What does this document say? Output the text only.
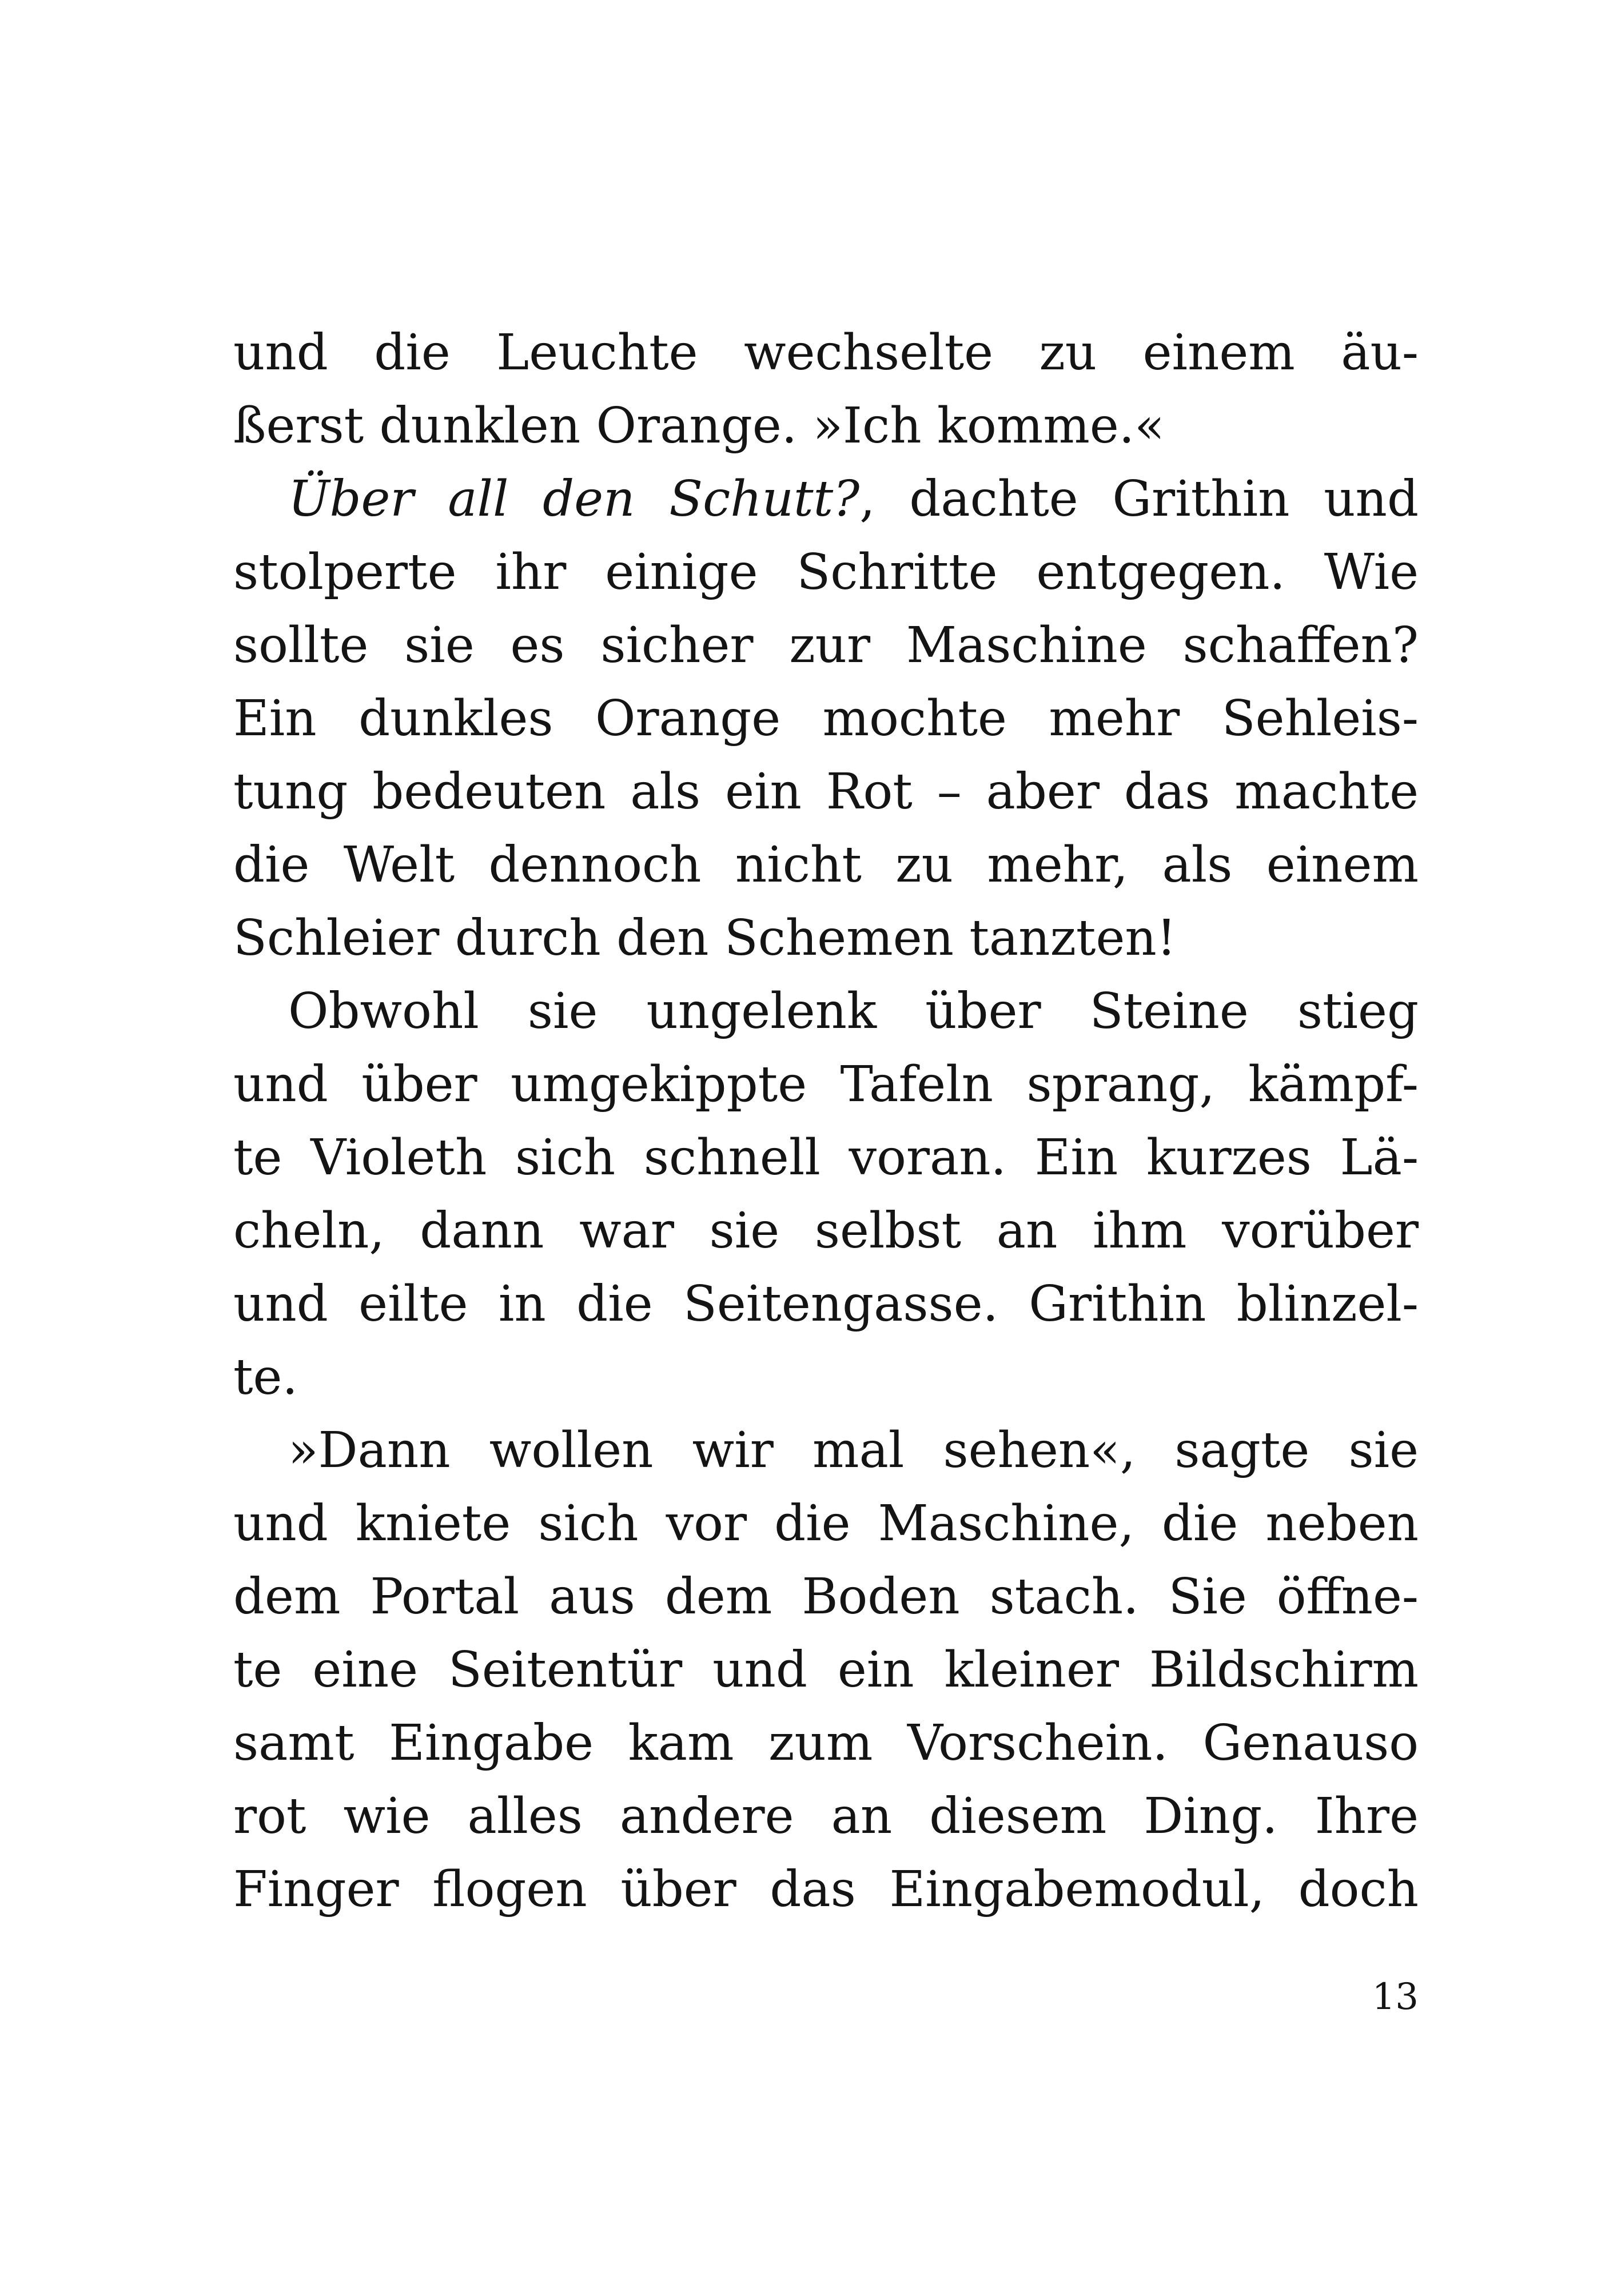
und die Leuchte wechselte zu einem äu-
ßerst dunklen Orange. »Ich komme.«
Über all den Schutt?, dachte Grithin und
stolperte ihr einige Schritte entgegen. Wie
sollte sie es sicher zur Maschine schaffen?
Ein dunkles Orange mochte mehr Sehleis-
tung bedeuten als ein Rot – aber das machte
die Welt dennoch nicht zu mehr, als einem
Schleier durch den Schemen tanzten!
Obwohl sie ungelenk über Steine stieg
und über umgekippte Tafeln sprang, kämpf-
te Violeth sich schnell voran. Ein kurzes Lä-
cheln, dann war sie selbst an ihm vorüber
und eilte in die Seitengasse. Grithin blinzel-
te.
»Dann wollen wir mal sehen«, sagte sie
und kniete sich vor die Maschine, die neben
dem Portal aus dem Boden stach. Sie öffne-
te eine Seitentür und ein kleiner Bildschirm
samt Eingabe kam zum Vorschein. Genauso
rot wie alles andere an diesem Ding. Ihre
Finger flogen über das Eingabemodul, doch
13
